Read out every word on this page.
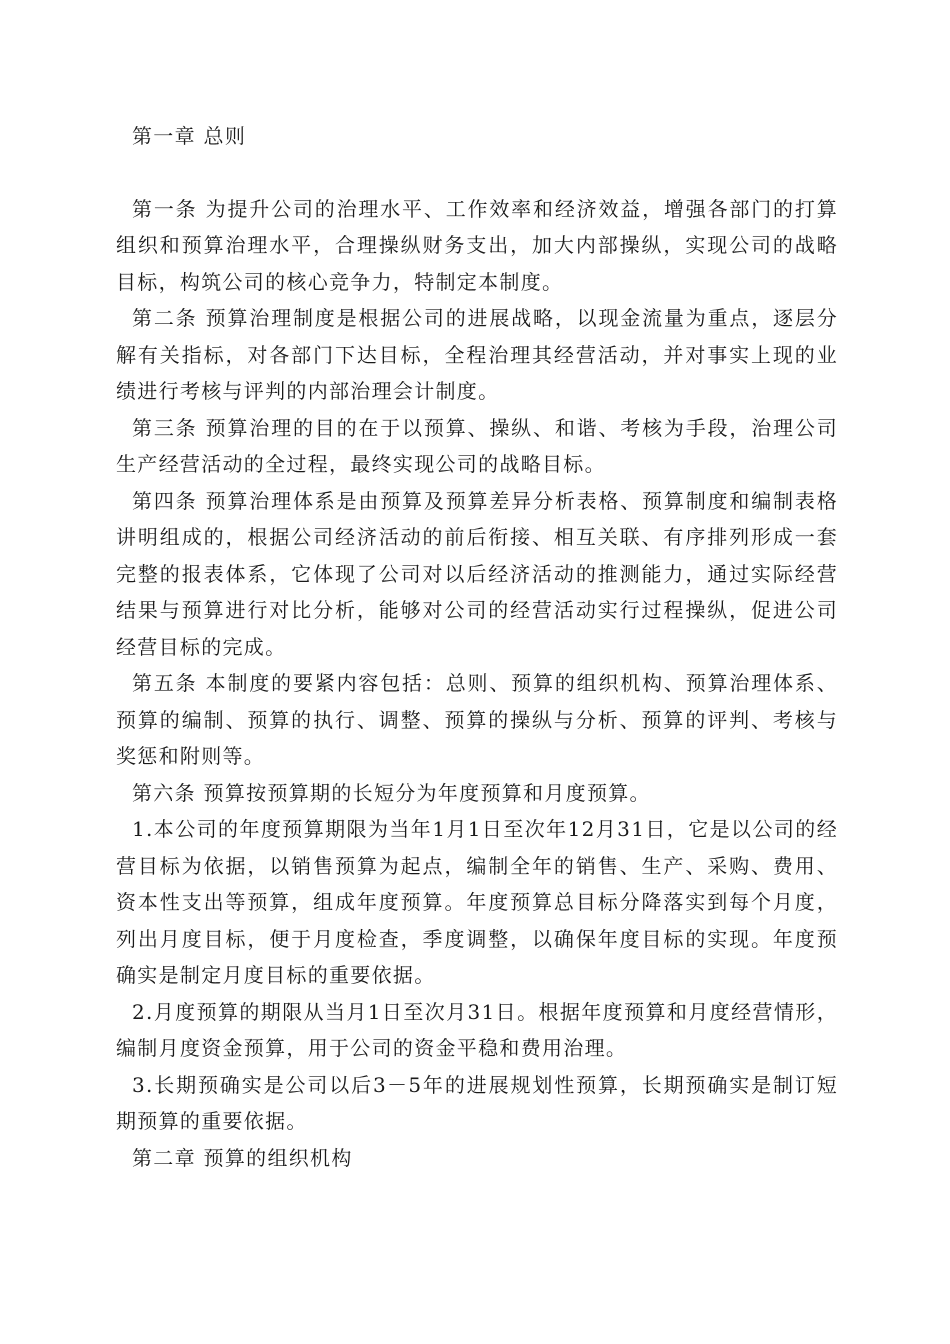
第一章 总则

第一条 为提升公司的治理水平、工作效率和经济效益，增强各部门的打算组织和预算治理水平，合理操纵财务支出，加大内部操纵，实现公司的战略目标，构筑公司的核心竞争力，特制定本制度。

第二条 预算治理制度是根据公司的进展战略，以现金流量为重点，逐层分解有关指标，对各部门下达目标，全程治理其经营活动，并对事实上现的业绩进行考核与评判的内部治理会计制度。

第三条 预算治理的目的在于以预算、操纵、和谐、考核为手段，治理公司生产经营活动的全过程，最终实现公司的战略目标。

第四条 预算治理体系是由预算及预算差异分析表格、预算制度和编制表格讲明组成的，根据公司经济活动的前后衔接、相互关联、有序排列形成一套完整的报表体系，它体现了公司对以后经济活动的推测能力，通过实际经营结果与预算进行对比分析，能够对公司的经营活动实行过程操纵，促进公司经营目标的完成。

第五条 本制度的要紧内容包括：总则、预算的组织机构、预算治理体系、预算的编制、预算的执行、调整、预算的操纵与分析、预算的评判、考核与奖惩和附则等。

第六条 预算按预算期的长短分为年度预算和月度预算。

1.本公司的年度预算期限为当年1月1日至次年12月31日，它是以公司的经营目标为依据，以销售预算为起点，编制全年的销售、生产、采购、费用、资本性支出等预算，组成年度预算。年度预算总目标分降落实到每个月度，列出月度目标，便于月度检查，季度调整，以确保年度目标的实现。年度预确实是制定月度目标的重要依据。

2.月度预算的期限从当月1日至次月31日。根据年度预算和月度经营情形，编制月度资金预算，用于公司的资金平稳和费用治理。

3.长期预确实是公司以后3－5年的进展规划性预算，长期预确实是制订短期预算的重要依据。

第二章 预算的组织机构
